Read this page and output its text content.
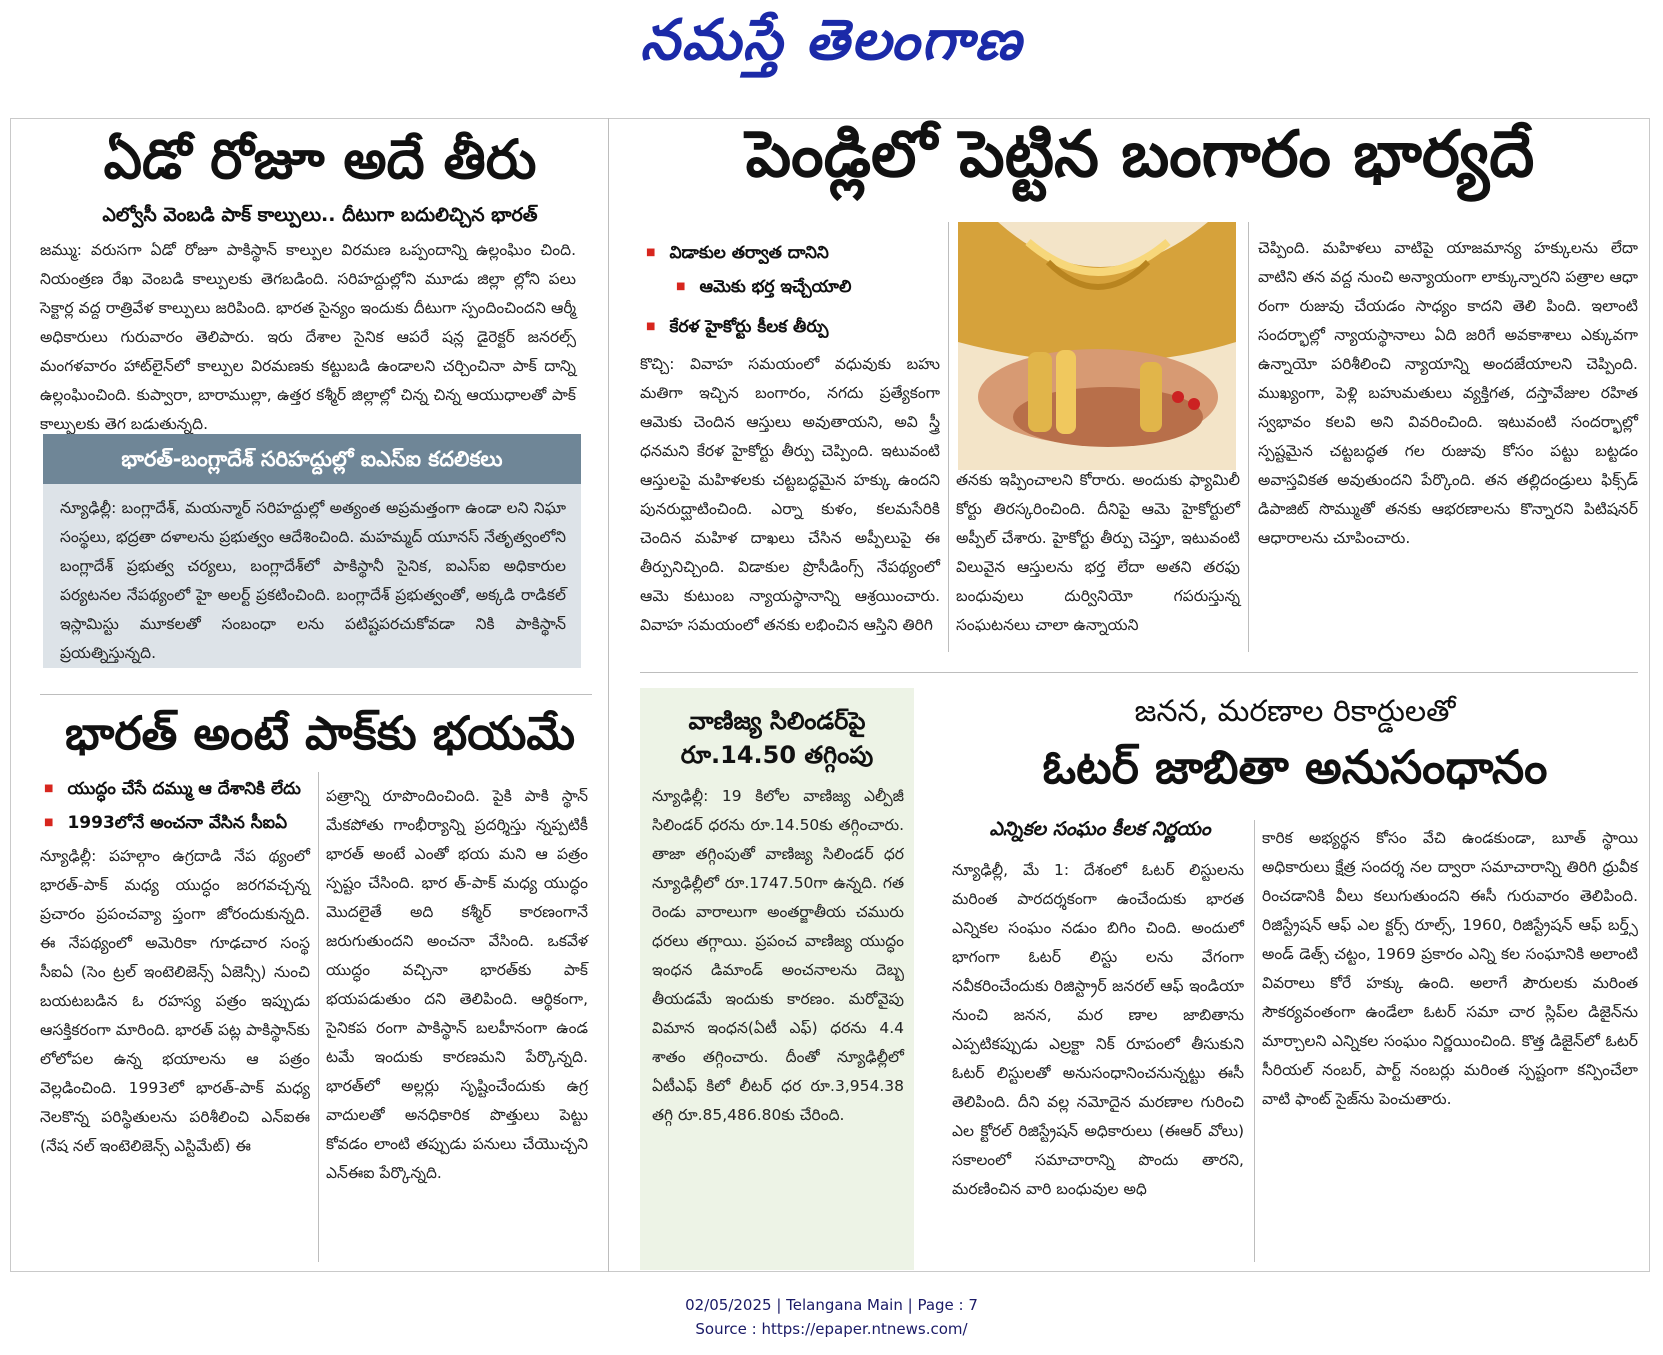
నమస్తే తెలంగాణ
ఏడో రోజూ అదే తీరు
ఎల్వోసీ వెంబడి పాక్ కాల్పులు.. దీటుగా బదులిచ్చిన భారత్
జమ్ము: వరుసగా ఏడో రోజూ పాకిస్థాన్ కాల్పుల విరమణ ఒప్పందాన్ని ఉల్లంఘిం చింది. నియంత్రణ రేఖ వెంబడి కాల్పులకు తెగబడింది. సరిహద్దుల్లోని మూడు జిల్లా ల్లోని పలు సెక్టార్ల వద్ద రాత్రివేళ కాల్పులు జరిపింది. భారత సైన్యం ఇందుకు దీటుగా స్పందించిందని ఆర్మీ అధికారులు గురువారం తెలిపారు. ఇరు దేశాల సైనిక ఆపరే షన్ల డైరెక్టర్ జనరల్స్ మంగళవారం హాట్‌లైన్‌లో కాల్పుల విరమణకు కట్టుబడి ఉండాలని చర్చించినా పాక్ దాన్ని ఉల్లంఘించింది. కుప్వారా, బారాముల్లా, ఉత్తర కశ్మీర్ జిల్లాల్లో చిన్న చిన్న ఆయుధాలతో పాక్ కాల్పులకు తెగ బడుతున్నది.
భారత్-బంగ్లాదేశ్ సరిహద్దుల్లో ఐఎస్ఐ కదలికలు
న్యూఢిల్లీ: బంగ్లాదేశ్, మయన్మార్ సరిహద్దుల్లో అత్యంత అప్రమత్తంగా ఉండా లని నిఘా సంస్థలు, భద్రతా దళాలను ప్రభుత్వం ఆదేశించింది. మహమ్మద్ యూనస్ నేతృత్వంలోని బంగ్లాదేశ్ ప్రభుత్వ చర్యలు, బంగ్లాదేశ్‌లో పాకిస్థానీ సైనిక, ఐఎస్ఐ అధికారుల పర్యటనల నేపథ్యంలో హై అలర్ట్ ప్రకటించింది. బంగ్లాదేశ్ ప్రభుత్వంతో, అక్కడి రాడికల్ ఇస్లామిస్టు మూకలతో సంబంధా లను పటిష్టపరచుకోవడా నికి పాకిస్థాన్ ప్రయత్నిస్తున్నది.
భారత్ అంటే పాక్‌కు భయమే
■ యుద్ధం చేసే దమ్ము ఆ దేశానికి లేదు
■ 1993లోనే అంచనా వేసిన సీఐఏ
న్యూఢిల్లీ: పహల్గాం ఉగ్రదాడి నేప థ్యంలో భారత్-పాక్ మధ్య యుద్ధం జరగవచ్చన్న ప్రచారం ప్రపంచవ్యా ప్తంగా జోరందుకున్నది. ఈ నేపథ్యంలో అమెరికా గూఢచార సంస్థ సీఐఏ (సెం ట్రల్ ఇంటెలిజెన్స్ ఏజెన్సీ) నుంచి బయటబడిన ఓ రహస్య పత్రం ఇప్పుడు ఆసక్తికరంగా మారింది. భారత్ పట్ల పాకిస్థాన్‌కు లోలోపల ఉన్న భయాలను ఆ పత్రం వెల్లడించింది. 1993లో భారత్-పాక్ మధ్య నెలకొన్న పరిస్థితులను పరిశీలించి ఎన్ఐఈ (నేష నల్ ఇంటెలిజెన్స్ ఎస్టిమేట్) ఈ
పత్రాన్ని రూపొందించింది. పైకి పాకి స్థాన్ మేకపోతు గాంభీర్యాన్ని ప్రదర్శిస్తు న్నప్పటికీ భారత్ అంటే ఎంతో భయ మని ఆ పత్రం స్పష్టం చేసింది. భార త్-పాక్ మధ్య యుద్ధం మొదలైతే అది కశ్మీర్ కారణంగానే జరుగుతుందని అంచనా వేసింది. ఒకవేళ యుద్ధం వచ్చినా భారత్‌కు పాక్ భయపడుతుం దని తెలిపింది. ఆర్థికంగా, సైనికప రంగా పాకిస్థాన్ బలహీనంగా ఉండ టమే ఇందుకు కారణమని పేర్కొన్నది. భారత్‌లో అల్లర్లు సృష్టించేందుకు ఉగ్ర వాదులతో అనధికారిక పొత్తులు పెట్టు కోవడం లాంటి తప్పుడు పనులు చేయొచ్చని ఎన్ఈఐ పేర్కొన్నది.
పెండ్లిలో పెట్టిన బంగారం భార్యదే
■ విడాకుల తర్వాత దానిని
■ ఆమెకు భర్త ఇచ్చేయాలి
■ కేరళ హైకోర్టు కీలక తీర్పు
కొచ్చి: వివాహ సమయంలో వధువుకు బహు మతిగా ఇచ్చిన బంగారం, నగదు ప్రత్యేకంగా ఆమెకు చెందిన ఆస్తులు అవుతాయని, అవి స్త్రీ ధనమని కేరళ హైకోర్టు తీర్పు చెప్పింది. ఇటువంటి ఆస్తులపై మహిళలకు చట్టబద్ధమైన హక్కు ఉందని పునరుద్ఘాటించింది. ఎర్నా కుళం, కలమసేరికి చెందిన మహిళ దాఖలు చేసిన అప్పీలుపై ఈ తీర్పునిచ్చింది. విడాకుల ప్రొసీడింగ్స్ నేపథ్యంలో ఆమె కుటుంబ న్యాయస్థానాన్ని ఆశ్రయించారు. వివాహ సమయంలో తనకు లభించిన ఆస్తిని తిరిగి
తనకు ఇప్పించాలని కోరారు. అందుకు ఫ్యామిలీ కోర్టు తిరస్కరించింది. దీనిపై ఆమె హైకోర్టులో అప్పీల్ చేశారు. హైకోర్టు తీర్పు చెప్తూ, ఇటువంటి విలువైన ఆస్తులను భర్త లేదా అతని తరఫు బంధువులు దుర్వినియో గపరుస్తున్న సంఘటనలు చాలా ఉన్నాయని
చెప్పింది. మహిళలు వాటిపై యాజమాన్య హక్కులను లేదా వాటిని తన వద్ద నుంచి అన్యాయంగా లాక్కున్నారని పత్రాల ఆధా రంగా రుజువు చేయడం సాధ్యం కాదని తెలి పింది. ఇలాంటి సందర్భాల్లో న్యాయస్థానాలు ఏది జరిగే అవకాశాలు ఎక్కువగా ఉన్నాయో పరిశీలించి న్యాయాన్ని అందజేయాలని చెప్పింది. ముఖ్యంగా, పెళ్లి బహుమతులు వ్యక్తిగత, దస్తావేజుల రహిత స్వభావం కలవి అని వివరించింది. ఇటువంటి సందర్భాల్లో స్పష్టమైన చట్టబద్ధత గల రుజువు కోసం పట్టు బట్టడం అవాస్తవికత అవుతుందని పేర్కొంది. తన తల్లిదండ్రులు ఫిక్స్‌డ్ డిపాజిట్ సొమ్ముతో తనకు ఆభరణాలను కొన్నారని పిటిషనర్ ఆధారాలను చూపించారు.
వాణిజ్య సిలిండర్‌పై
రూ.14.50 తగ్గింపు
న్యూఢిల్లీ: 19 కిలోల వాణిజ్య ఎల్పీజీ సిలిండర్ ధరను రూ.14.50కు తగ్గించారు. తాజా తగ్గింపుతో వాణిజ్య సిలిండర్ ధర న్యూఢిల్లీలో రూ.1747.50గా ఉన్నది. గత రెండు వారాలుగా అంతర్జాతీయ చమురు ధరలు తగ్గాయి. ప్రపంచ వాణిజ్య యుద్ధం ఇంధన డిమాండ్ అంచనాలను దెబ్బ తీయడమే ఇందుకు కారణం. మరోవైపు విమాన ఇంధన(ఏటీ ఎఫ్) ధరను 4.4 శాతం తగ్గించారు. దీంతో న్యూఢిల్లీలో ఏటీఎఫ్ కిలో లీటర్ ధర రూ.3,954.38 తగ్గి రూ.85,486.80కు చేరింది.
జనన, మరణాల రికార్డులతో
ఓటర్ జాబితా అనుసంధానం
ఎన్నికల సంఘం కీలక నిర్ణయం
న్యూఢిల్లీ, మే 1: దేశంలో ఓటర్ లిస్టులను మరింత పారదర్శకంగా ఉంచేందుకు భారత ఎన్నికల సంఘం నడుం బిగిం చింది. అందులో భాగంగా ఓటర్ లిస్టు లను వేగంగా నవీకరించేందుకు రిజిస్ట్రార్ జనరల్ ఆఫ్ ఇండియా నుంచి జనన, మర ణాల జాబితాను ఎప్పటికప్పుడు ఎల్రక్టా నిక్ రూపంలో తీసుకుని ఓటర్ లిస్టులతో అనుసంధానించనున్నట్టు ఈసీ తెలిపింది. దీని వల్ల నమోదైన మరణాల గురించి ఎల క్టోరల్ రిజిస్ట్రేషన్ అధికారులు (ఈఆర్ వోలు) సకాలంలో సమాచారాన్ని పొందు తారని, మరణించిన వారి బంధువుల అధి
కారిక అభ్యర్థన కోసం వేచి ఉండకుండా, బూత్ స్థాయి అధికారులు క్షేత్ర సందర్శ నల ద్వారా సమాచారాన్ని తిరిగి ధ్రువీక రించడానికి వీలు కలుగుతుందని ఈసీ గురువారం తెలిపింది. రిజిస్ట్రేషన్ ఆఫ్ ఎల క్టర్స్ రూల్స్, 1960, రిజిస్ట్రేషన్ ఆఫ్ బర్త్స్ అండ్ డెత్స్ చట్టం, 1969 ప్రకారం ఎన్ని కల సంఘానికి అలాంటి వివరాలు కోరే హక్కు ఉంది. అలాగే పౌరులకు మరింత సౌకర్యవంతంగా ఉండేలా ఓటర్ సమా చార స్లిప్‌ల డిజైన్‌ను మార్చాలని ఎన్నికల సంఘం నిర్ణయించింది. కొత్త డిజైన్‌లో ఓటర్ సీరియల్ నంబర్, పార్ట్ నంబర్లు మరింత స్పష్టంగా కన్పించేలా వాటి ఫాంట్ సైజ్‌ను పెంచుతారు.
02/05/2025 | Telangana Main | Page : 7
Source : https://epaper.ntnews.com/
